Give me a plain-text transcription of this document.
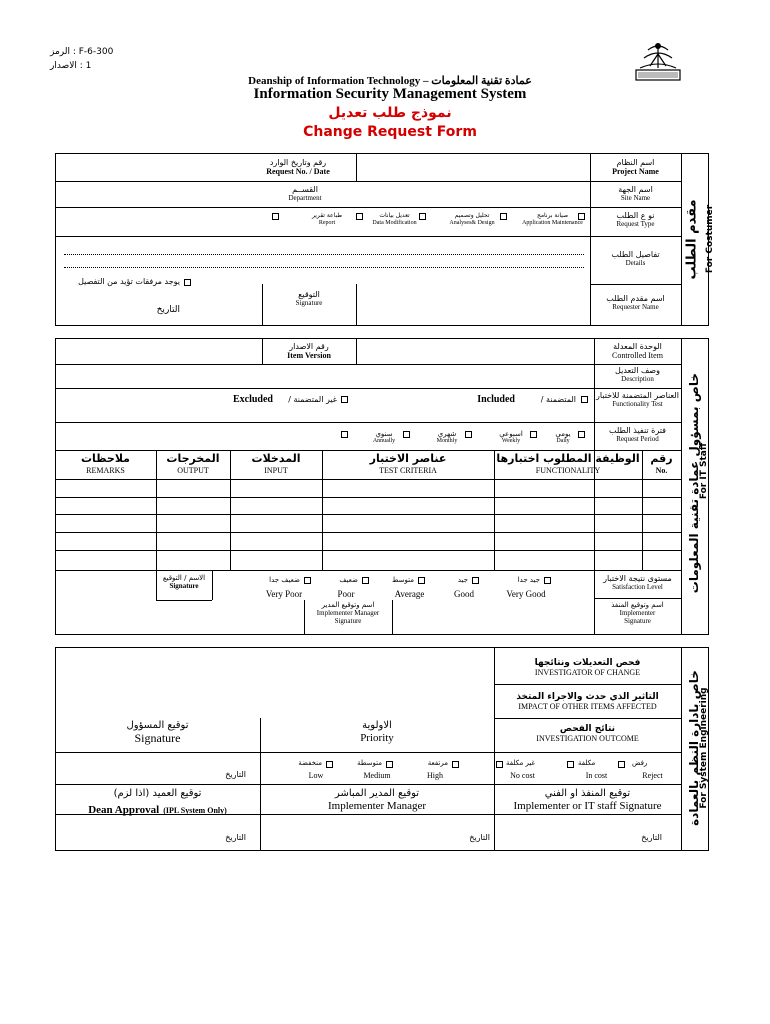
300-F-6 : الرمز
1 : الاصدار
Deanship of Information Technology – عمادة تقنية المعلومات
Information Security Management System
نموذج طلب تعديل
Change Request Form
مقدم الطلب For Costumer
اسم النظام
Project Name
رقم وتاريخ الوارد
Request No. / Date
اسم الجهة
Site Name
القســم
Department
نو ع الطلب
Request Type
صيانة برنامج
Application Maintenance
تحليل وتصميم
Analyses& Design
تعديل بيانات
Data Modification
طباعة تقرير
Report
تفاصيل الطلب
Details
يوجد مرفقات تؤيد من التفصيل
اسم مقدم الطلب
Requester Name
التوقيع
Signature
التاريخ
خاص بمسؤول عمادة تقنية المعلومات
For IT Staff
الوحدة المعدلة
Controlled Item
رقم الاصدار
Item Version
وصف التعديل
Description
العناصر المتضمنة للاختبار
Functionality Test
المتضمنة /
Included
غير المتضمنة /
Excluded
فترة تنفيذ الطلب
Request Period
يومي
Daily
اسبوعي
Weekly
شهري
Monthly
سنوي
Annually
رقم
No.
الوظيفة المطلوب اختبارها
FUNCTIONALITY
عناصر الاختبار
TEST CRITERIA
المدخلات
INPUT
المخرجات
OUTPUT
ملاحظات
REMARKS
مستوى نتيجة الاختبار
Satisfaction Level
جيد جدا
Very Good
جيد
Good
متوسط
Average
ضعيف
Poor
ضعيف جدا
Very Poor
الاسم / التوقيع
Signature
اسم وتوقيع المنفذ
Implementer
Signature
اسم وتوقيع المدير
Implementer Manager
Signature
خاص بادارة النظم بالعمادة
For System Engineering
فحص التعديلات ونتائجها
INVESTIGATOR OF CHANGE
التاثير الذي حدث والاجراء المتخذ
IMPACT OF OTHER ITEMS AFFECTED
نتائج الفحص
INVESTIGATION OUTCOME
الاولوية
Priority
توقيع المسؤول
Signature
رفض
Reject
مكلفة
In cost
غير مكلفة
No cost
مرتفعة
High
متوسطة
Medium
منخفضة
Low
التاريخ
توقيع المنفذ او الفني
Implementer or IT staff Signature
توقيع المدير المباشر
Implementer Manager
توقيع العميد (اذا لزم)
Dean Approval (IPL System Only)
التاريخ
التاريخ
التاريخ
